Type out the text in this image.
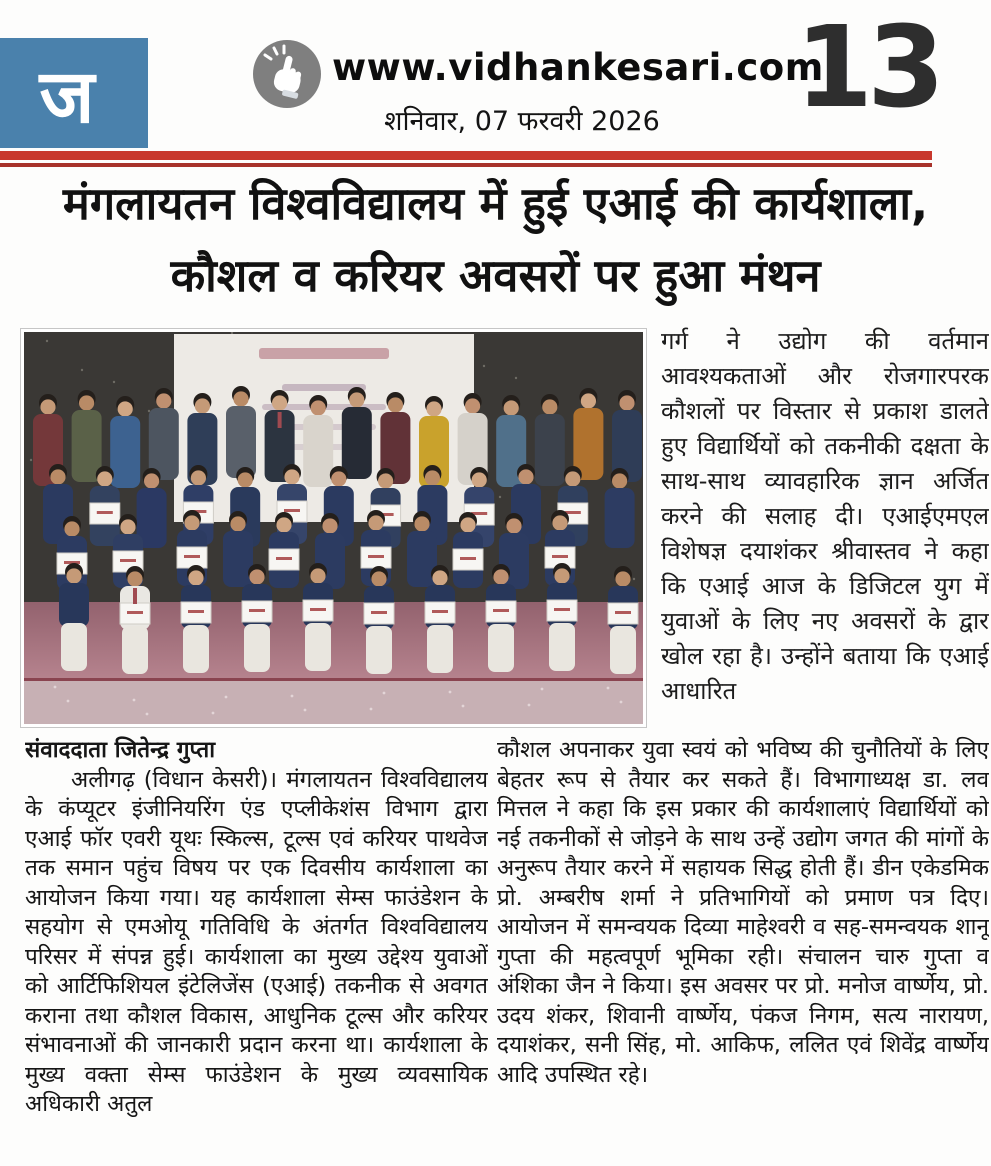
ज	www.vidhankesari.com
शनिवार, 07 फरवरी 2026	13
मंगलायतन विश्वविद्यालय में हुई एआई की कार्यशाला,
कौशल व करियर अवसरों पर हुआ मंथन
गर्ग ने उद्योग की वर्तमान आवश्यकताओं और रोजगारपरक कौशलों पर विस्तार से प्रकाश डालते हुए विद्यार्थियों को तकनीकी दक्षता के साथ-साथ व्यावहारिक ज्ञान अर्जित करने की सलाह दी। एआईएमएल विशेषज्ञ दयाशंकर श्रीवास्तव ने कहा कि एआई आज के डिजिटल युग में युवाओं के लिए नए अवसरों के द्वार खोल रहा है। उन्होंने बताया कि एआई आधारित
संवाददाता जितेन्द्र गुप्ता
अलीगढ़ (विधान केसरी)। मंगलायतन विश्वविद्यालय के कंप्यूटर इंजीनियरिंग एंड एप्लीकेशंस विभाग द्वारा एआई फॉर एवरी यूथः स्किल्स, टूल्स एवं करियर पाथवेज तक समान पहुंच विषय पर एक दिवसीय कार्यशाला का आयोजन किया गया। यह कार्यशाला सेम्स फाउंडेशन के सहयोग से एमओयू गतिविधि के अंतर्गत विश्वविद्यालय परिसर में संपन्न हुई। कार्यशाला का मुख्य उद्देश्य युवाओं को आर्टिफिशियल इंटेलिजेंस (एआई) तकनीक से अवगत कराना तथा कौशल विकास, आधुनिक टूल्स और करियर संभावनाओं की जानकारी प्रदान करना था। कार्यशाला के मुख्य वक्ता सेम्स फाउंडेशन के मुख्य व्यवसायिक अधिकारी अतुल
कौशल अपनाकर युवा स्वयं को भविष्य की चुनौतियों के लिए बेहतर रूप से तैयार कर सकते हैं। विभागाध्यक्ष डा. लव मित्तल ने कहा कि इस प्रकार की कार्यशालाएं विद्यार्थियों को नई तकनीकों से जोड़ने के साथ उन्हें उद्योग जगत की मांगों के अनुरूप तैयार करने में सहायक सिद्ध होती हैं। डीन एकेडमिक प्रो. अम्बरीष शर्मा ने प्रतिभागियों को प्रमाण पत्र दिए। आयोजन में समन्वयक दिव्या माहेश्वरी व सह-समन्वयक शानू गुप्ता की महत्वपूर्ण भूमिका रही। संचालन चारु गुप्ता व अंशिका जैन ने किया। इस अवसर पर प्रो. मनोज वार्ष्णेय, प्रो. उदय शंकर, शिवानी वार्ष्णेय, पंकज निगम, सत्य नारायण, दयाशंकर, सनी सिंह, मो. आकिफ, ललित एवं शिवेंद्र वार्ष्णेय आदि उपस्थित रहे।
